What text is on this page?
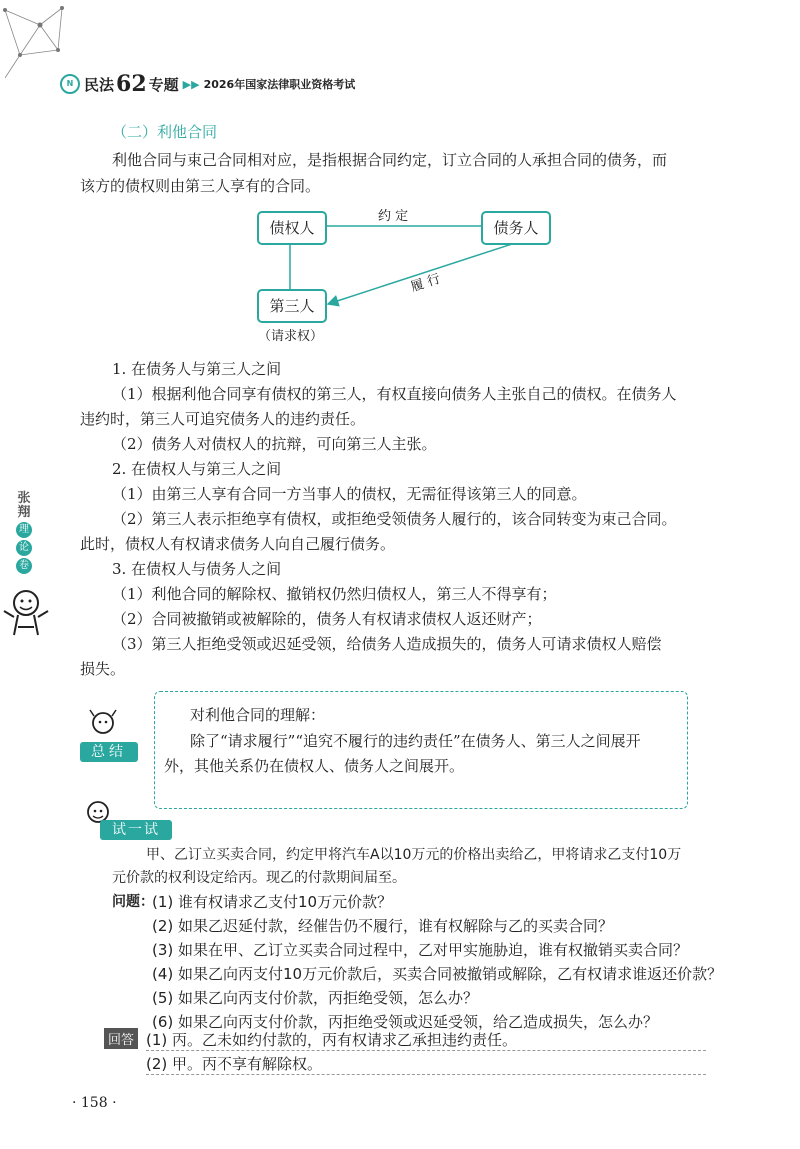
N 民法 62 专题 ▶▶ 2026年国家法律职业资格考试
（二）利他合同

利他合同与束己合同相对应，是指根据合同约定，订立合同的人承担合同的债务，而

该方的债权则由第三人享有的合同。

债权人	债务人
第三人
约 定
履 行
（请求权）

1. 在债务人与第三人之间

（1）根据利他合同享有债权的第三人，有权直接向债务人主张自己的债权。在债务人

违约时，第三人可追究债务人的违约责任。

（2）债务人对债权人的抗辩，可向第三人主张。

2. 在债权人与第三人之间

（1）由第三人享有合同一方当事人的债权，无需征得该第三人的同意。

（2）第三人表示拒绝享有债权，或拒绝受领债务人履行的，该合同转变为束己合同。

此时，债权人有权请求债务人向自己履行债务。

3. 在债权人与债务人之间

（1）利他合同的解除权、撤销权仍然归债权人，第三人不得享有；

（2）合同被撤销或被解除的，债务人有权请求债权人返还财产；

（3）第三人拒绝受领或迟延受领，给债务人造成损失的，债务人可请求债权人赔偿

损失。

张
翔
理
论
卷
总结

对利他合同的理解：

除了“请求履行”“追究不履行的违约责任”在债务人、第三人之间展开

外，其他关系仍在债权人、债务人之间展开。

试一试

甲、乙订立买卖合同，约定甲将汽车A以10万元的价格出卖给乙，甲将请求乙支付10万

元价款的权利设定给丙。现乙的付款期间届至。

问题：

(1) 谁有权请求乙支付10万元价款？

(2) 如果乙迟延付款，经催告仍不履行，谁有权解除与乙的买卖合同？

(3) 如果在甲、乙订立买卖合同过程中，乙对甲实施胁迫，谁有权撤销买卖合同？

(4) 如果乙向丙支付10万元价款后，买卖合同被撤销或解除，乙有权请求谁返还价款？

(5) 如果乙向丙支付价款，丙拒绝受领，怎么办？

(6) 如果乙向丙支付价款，丙拒绝受领或迟延受领，给乙造成损失，怎么办？

回答 (1) 丙。乙未如约付款的，丙有权请求乙承担违约责任。

(2) 甲。丙不享有解除权。

· 158 ·
